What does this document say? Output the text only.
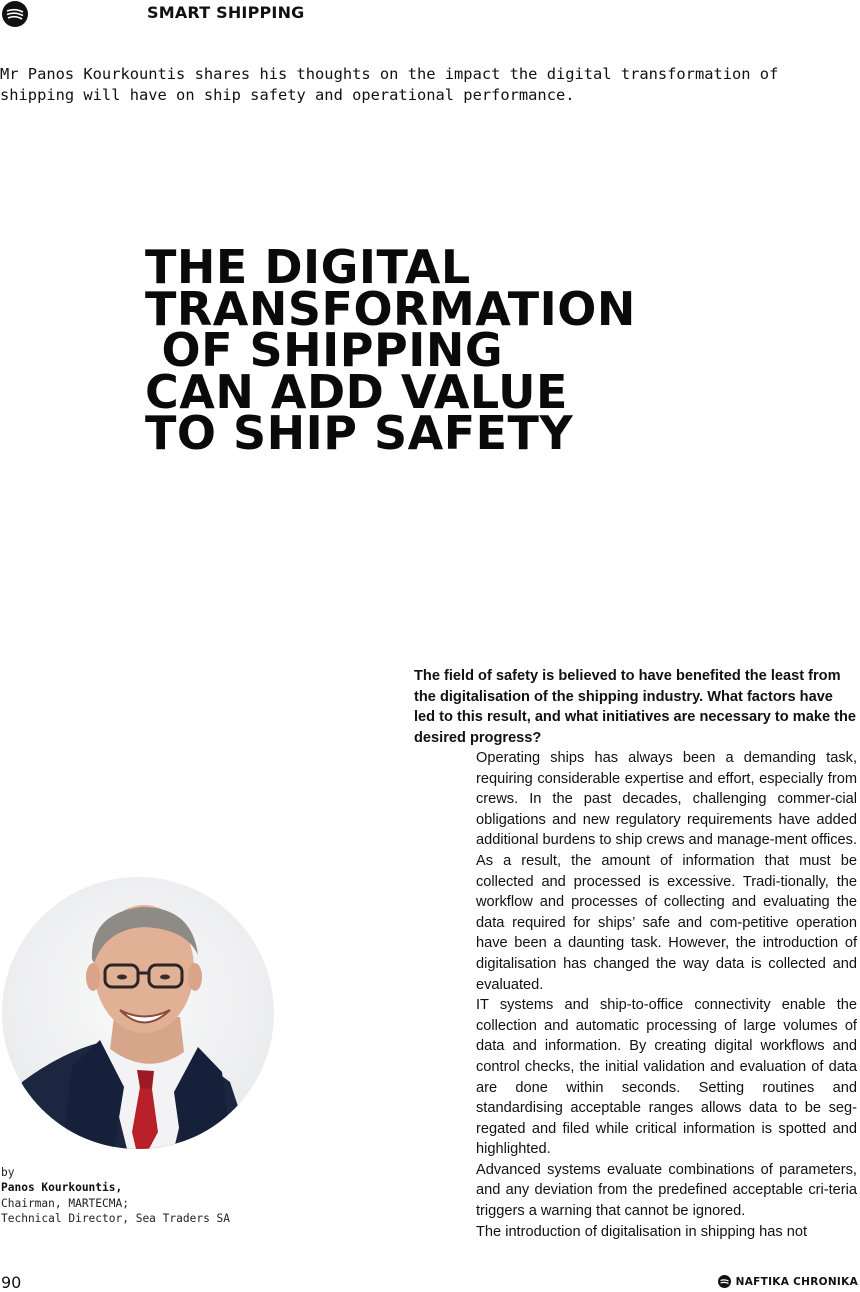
SMART SHIPPING

Mr Panos Kourkountis shares his thoughts on the impact the digital transformation of shipping will have on ship safety and operational performance.

THE DIGITAL
TRANSFORMATION
OF SHIPPING
CAN ADD VALUE
TO SHIP SAFETY

The field of safety is believed to have benefited the least from the digitalisation of the shipping industry. What factors have led to this result, and what initiatives are necessary to make the desired progress?

Operating ships has always been a demanding task, requiring considerable expertise and effort, especially from crews. In the past decades, challenging commer-cial obligations and new regulatory requirements have added additional burdens to ship crews and manage-ment offices. As a result, the amount of information that must be collected and processed is excessive. Tradi-tionally, the workflow and processes of collecting and evaluating the data required for ships’ safe and com-petitive operation have been a daunting task. However, the introduction of digitalisation has changed the way data is collected and evaluated.

IT systems and ship-to-office connectivity enable the collection and automatic processing of large volumes of data and information. By creating digital workflows and control checks, the initial validation and evaluation of data are done within seconds. Setting routines and standardising acceptable ranges allows data to be seg-regated and filed while critical information is spotted and highlighted.

Advanced systems evaluate combinations of parameters, and any deviation from the predefined acceptable cri-teria triggers a warning that cannot be ignored.

The introduction of digitalisation in shipping has not

by
Panos Kourkountis,
Chairman, MARTECMA;
Technical Director, Sea Traders SA
90	NAFTIKA CHRONIKA
